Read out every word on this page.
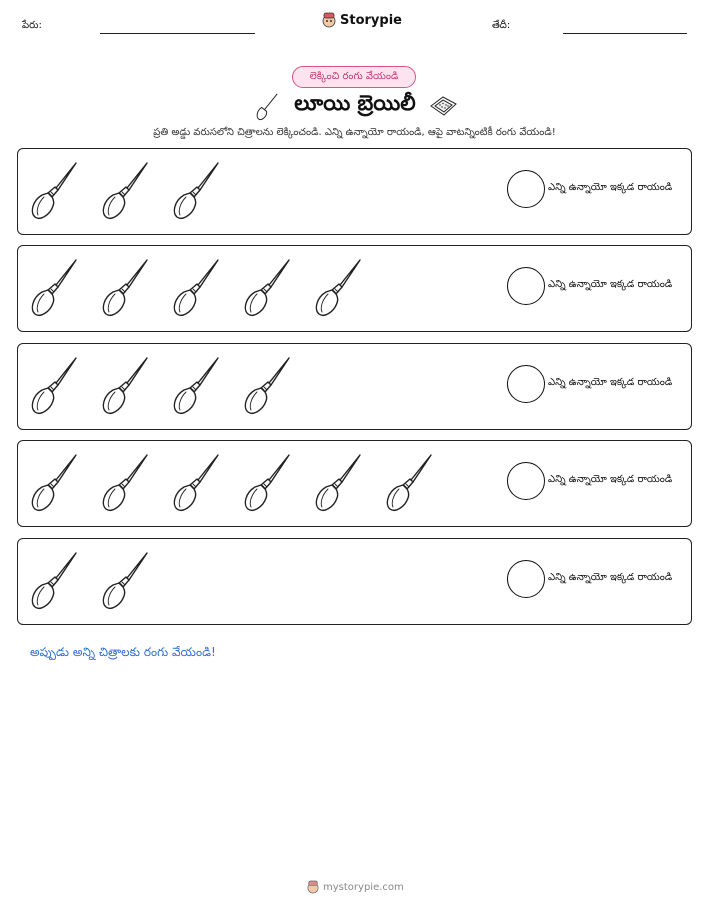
పేరు:	Storypie	తేదీ:
లెక్కించి రంగు వేయండి
లూయి బ్రెయిలీ
ప్రతి అడ్డు వరుసలోని చిత్రాలను లెక్కించండి. ఎన్ని ఉన్నాయో రాయండి, ఆపై వాటన్నింటికీ రంగు వేయండి!
ఎన్ని ఉన్నాయో ఇక్కడ రాయండి
ఎన్ని ఉన్నాయో ఇక్కడ రాయండి
ఎన్ని ఉన్నాయో ఇక్కడ రాయండి
ఎన్ని ఉన్నాయో ఇక్కడ రాయండి
ఎన్ని ఉన్నాయో ఇక్కడ రాయండి
అప్పుడు అన్ని చిత్రాలకు రంగు వేయండి!
mystorypie.com
